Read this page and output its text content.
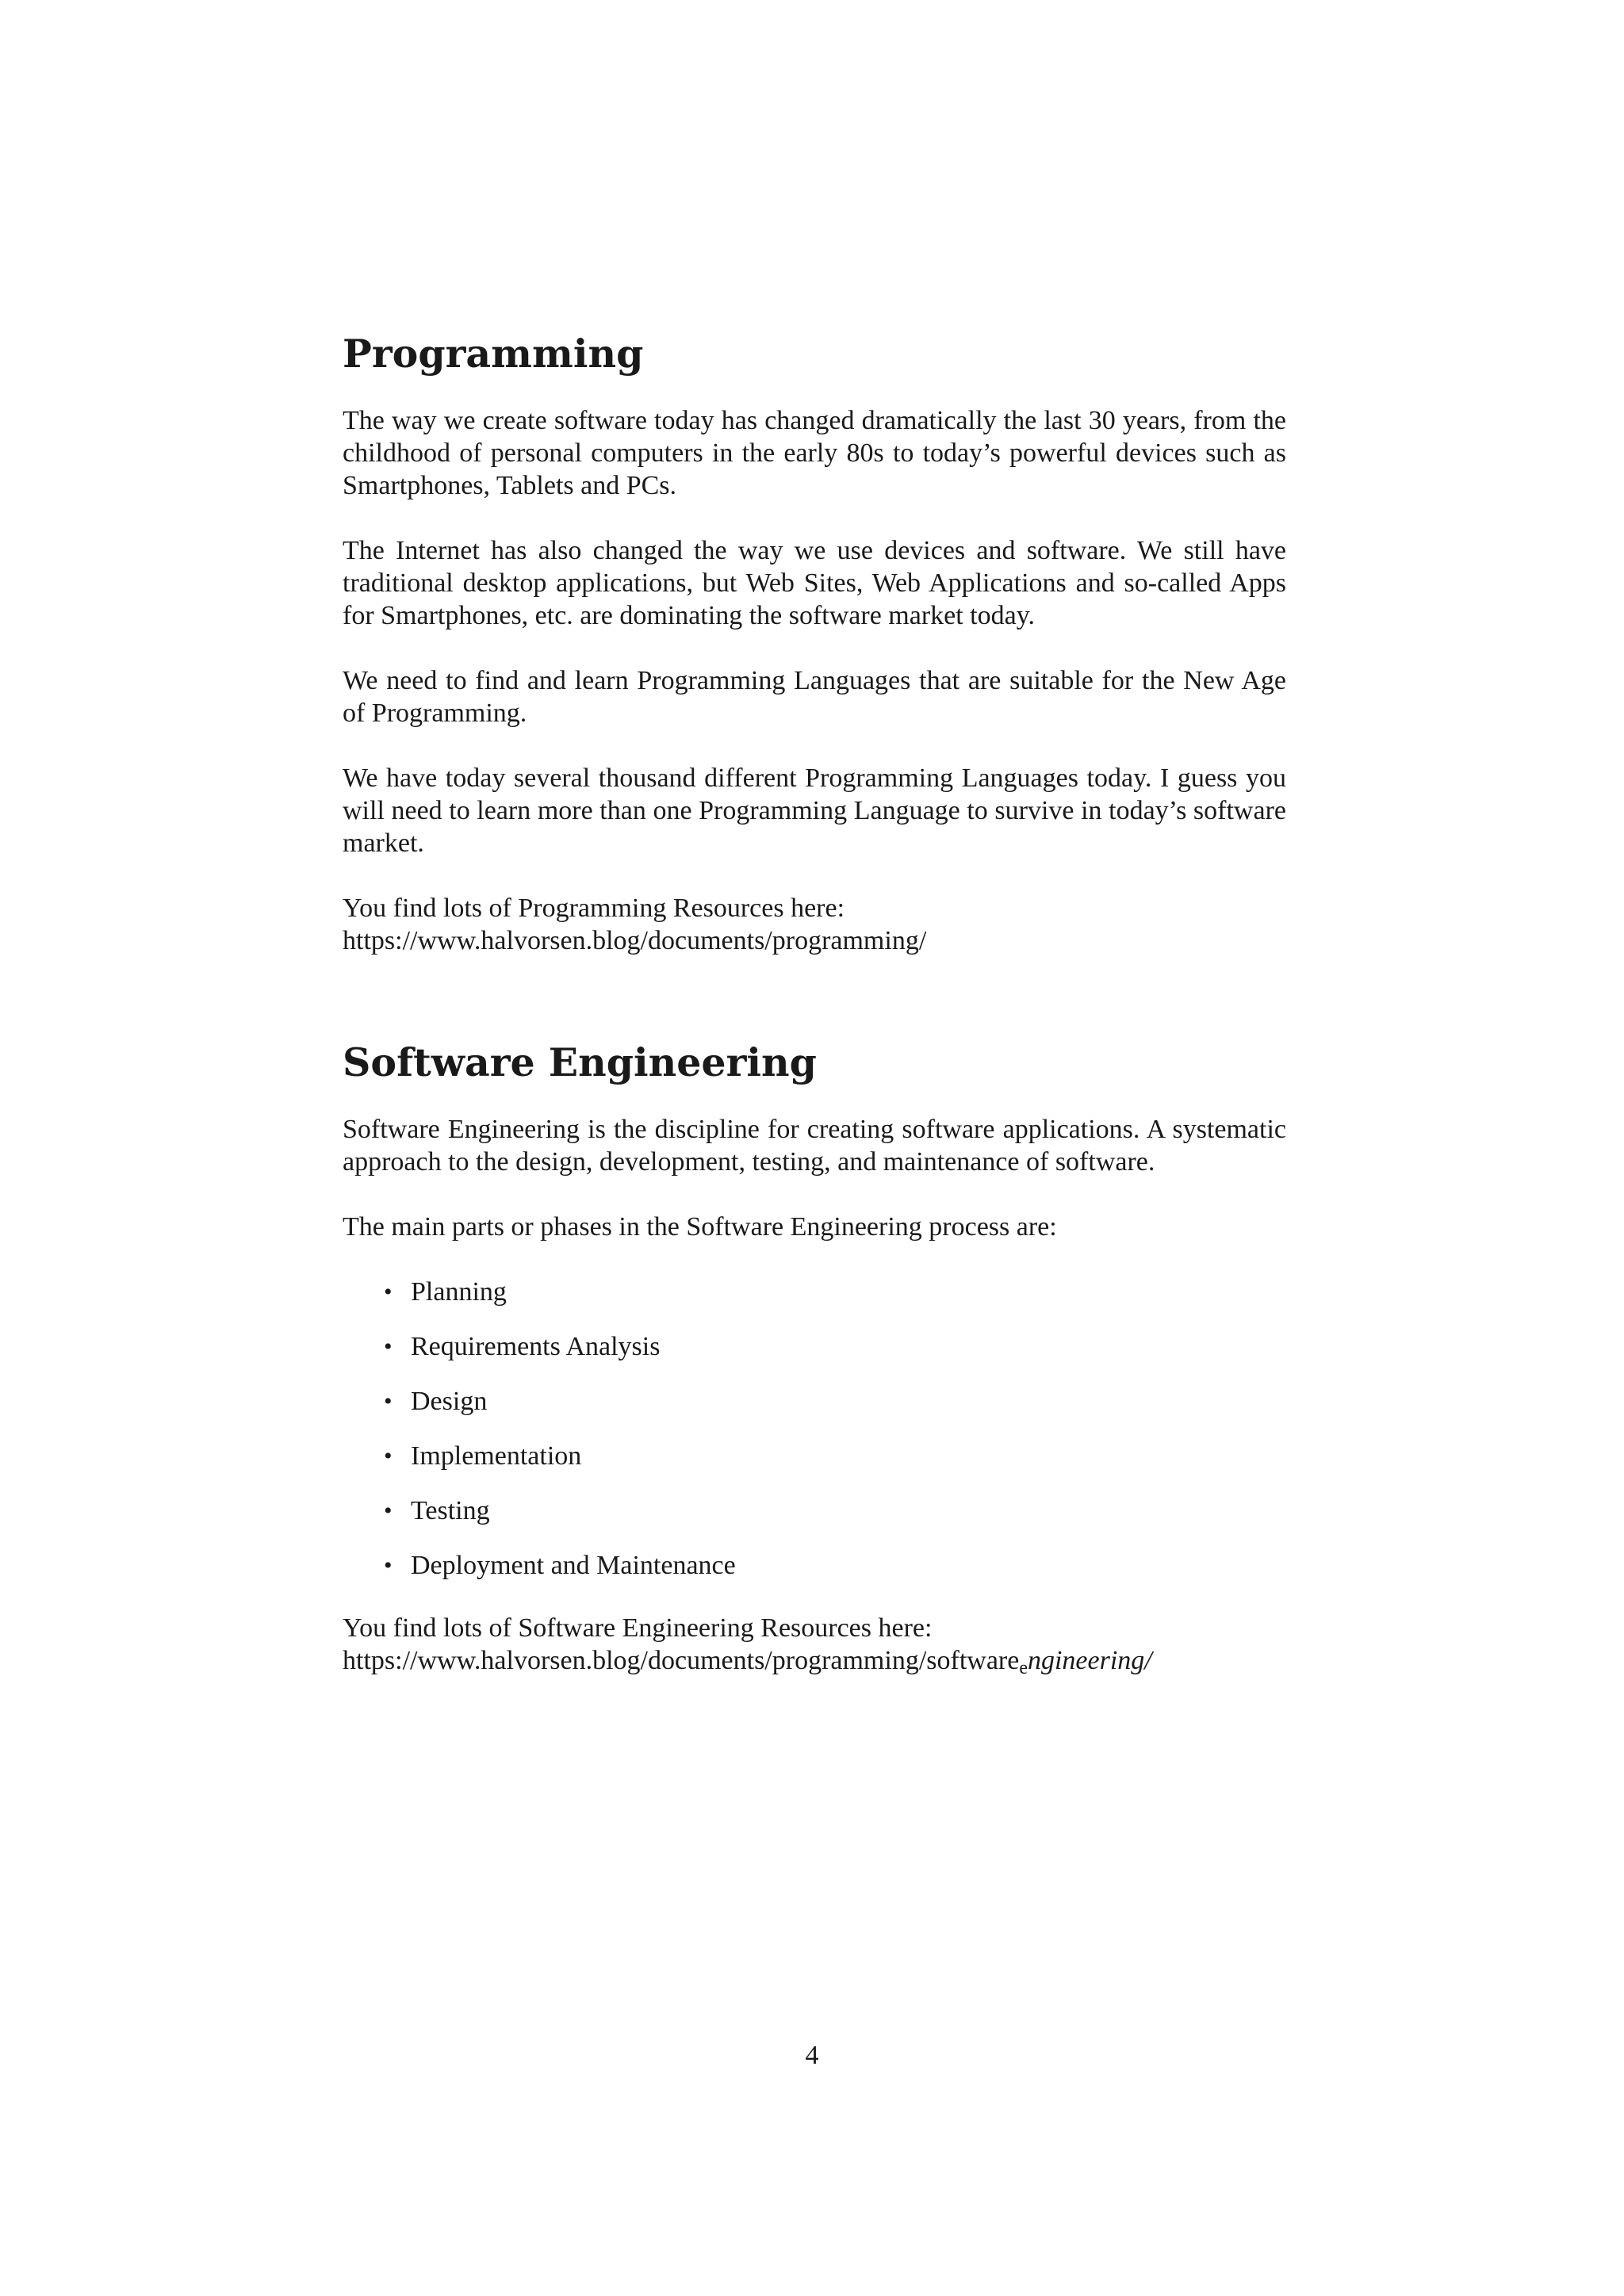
Programming

The way we create software today has changed dramatically the last 30 years, from the childhood of personal computers in the early 80s to today’s powerful devices such as Smartphones, Tablets and PCs.

The Internet has also changed the way we use devices and software. We still have traditional desktop applications, but Web Sites, Web Applications and so-called Apps for Smartphones, etc. are dominating the software market today.

We need to find and learn Programming Languages that are suitable for the New Age of Programming.

We have today several thousand different Programming Languages today. I guess you will need to learn more than one Programming Language to survive in today’s software market.

You find lots of Programming Resources here:
https://www.halvorsen.blog/documents/programming/

Software Engineering

Software Engineering is the discipline for creating software applications. A systematic approach to the design, development, testing, and maintenance of software.

The main parts or phases in the Software Engineering process are:

• Planning
• Requirements Analysis
• Design
• Implementation
• Testing
• Deployment and Maintenance

You find lots of Software Engineering Resources here:
https://www.halvorsen.blog/documents/programming/softwareengineering/

4
